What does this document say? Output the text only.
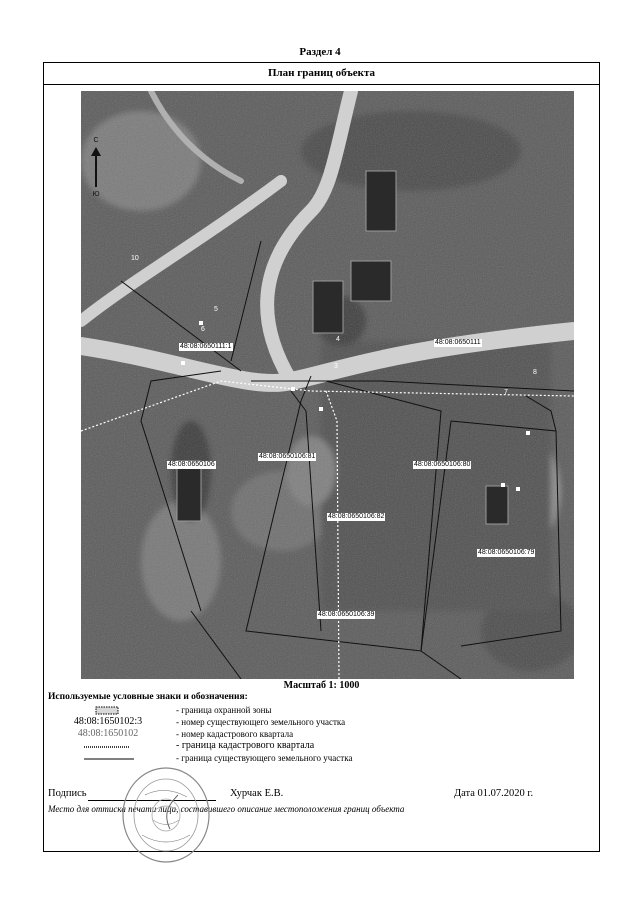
Раздел 4
План границ объекта
С
Ю
48:08:0650111:1
48:08:0650111
48:08:0650106
48:08:0650106:81
48:08:0650106:80
48:08:0650106:82
48:08:0650106:79
48:08:0650106:39
10
5
6
4
3
7
8
Масштаб 1: 1000
Используемые условные знаки и обозначения:
- граница охранной зоны
48:08:1650102:3	- номер существующего земельного участка
48:08:1650102	- номер кадастрового квартала
- граница кадастрового квартала
- граница существующего земельного участка
Подпись	Хурчак Е.В.	Дата 01.07.2020 г.
Место для оттиска печати лица, составившего описание местоположения границ объекта
